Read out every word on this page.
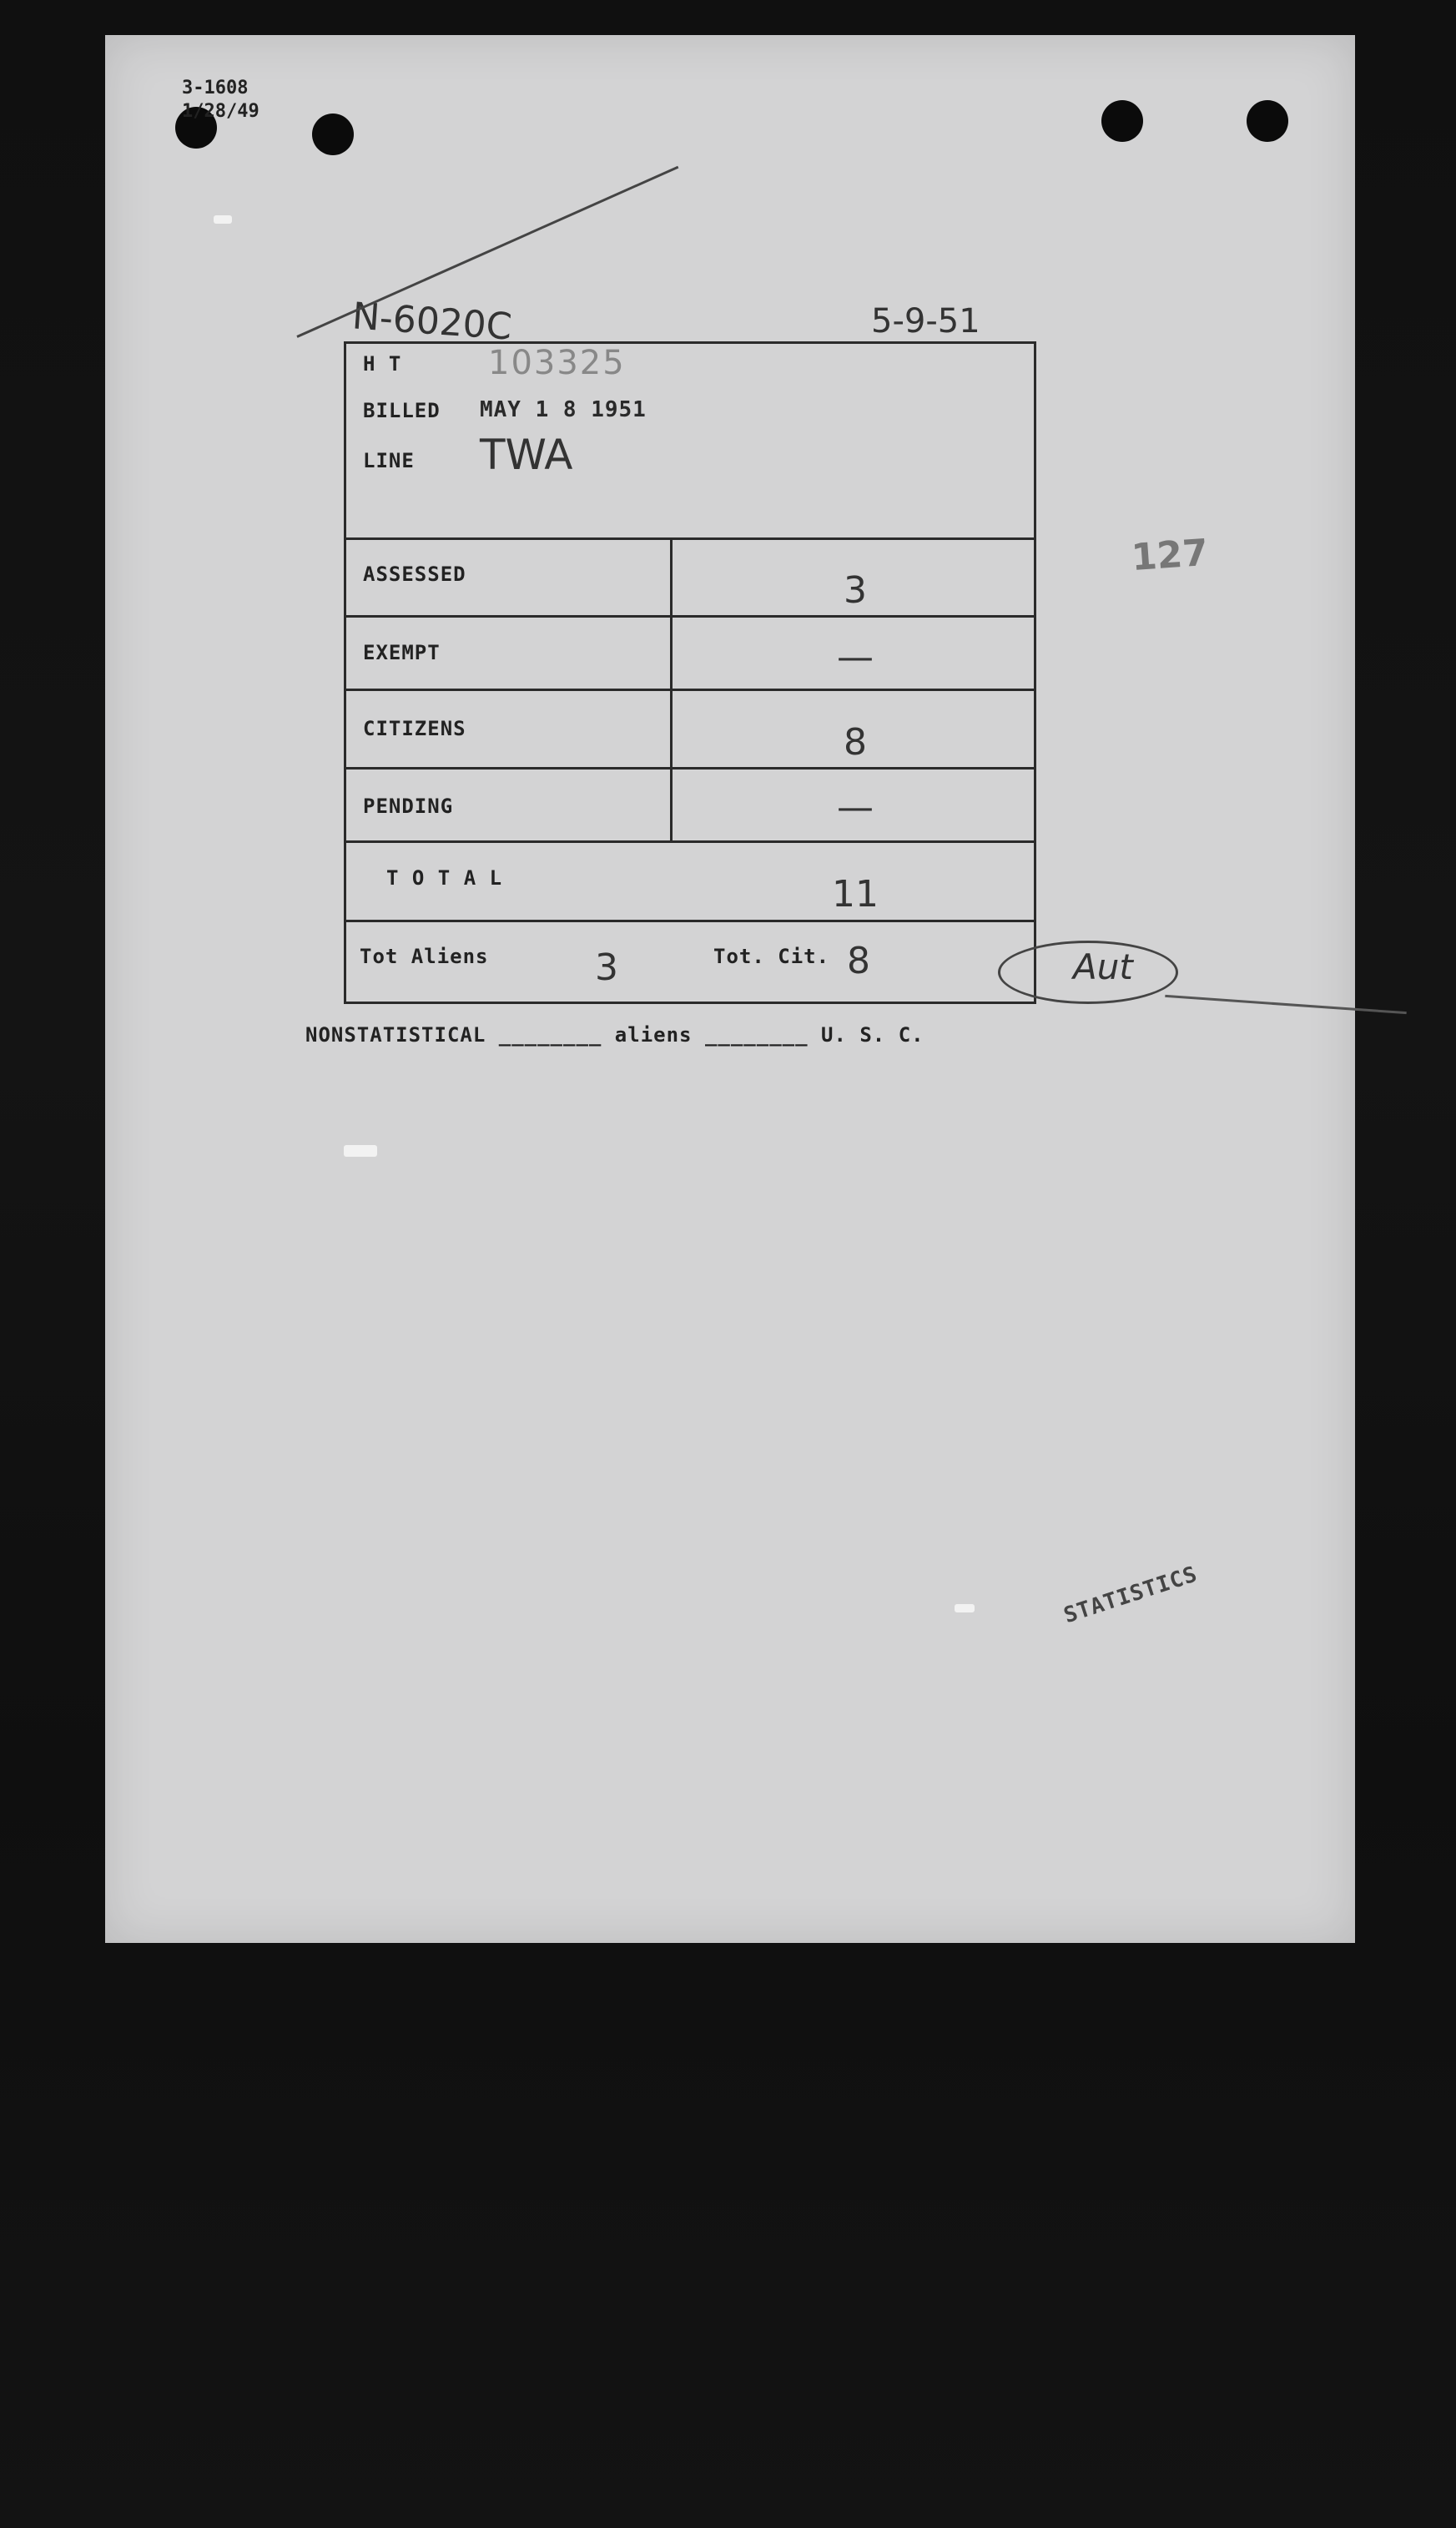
3-1608
1/28/49
N-6020C	5-9-51
127
H T	103325
BILLED MAY 1 8 1951
LINE TWA
ASSESSED	3
EXEMPT	—
CITIZENS	8
PENDING	—
T O T A L	11
Tot Aliens	3	Tot. Cit. 8	Aut
NONSTATISTICAL ________ aliens ________ U. S. C.
STATISTICS
